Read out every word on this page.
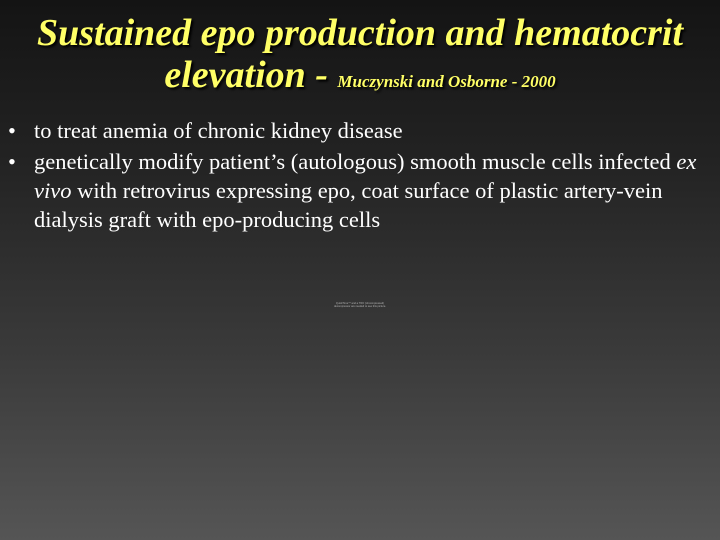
Sustained epo production and hematocrit
elevation - Muczynski and Osborne - 2000
• to treat anemia of chronic kidney disease
• genetically modify patient’s (autologous) smooth muscle cells infected ex vivo with retrovirus expressing epo, coat surface of plastic artery-vein dialysis graft with epo-producing cells
QuickTime™ and a TIFF (Uncompressed) decompressor are needed to see this picture.
